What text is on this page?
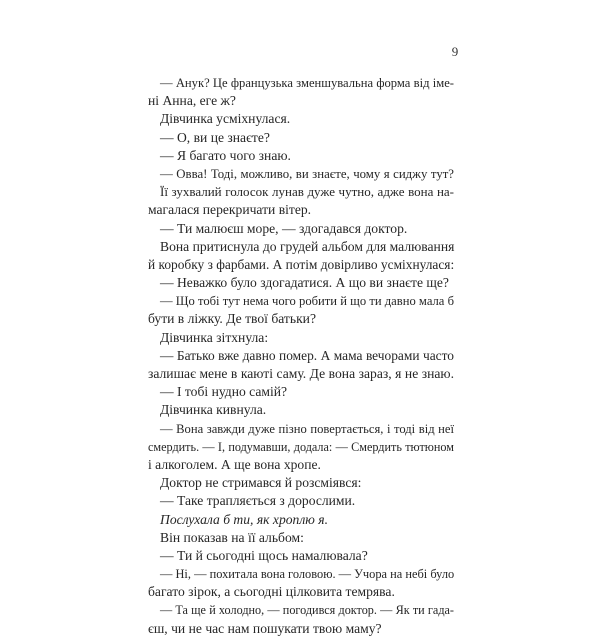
9
— Анук? Це французька зменшувальна форма від іме-
ні Анна, еге ж?
Дівчинка усміхнулася.
— О, ви це знаєте?
— Я багато чого знаю.
— Овва! Тоді, можливо, ви знаєте, чому я сиджу тут?
Її зухвалий голосок лунав дуже чутно, адже вона на-
магалася перекричати вітер.
— Ти малюєш море, — здогадався доктор.
Вона притиснула до грудей альбом для малювання
й коробку з фарбами. А потім довірливо усміхнулася:
— Неважко було здогадатися. А що ви знаєте ще?
— Що тобі тут нема чого робити й що ти давно мала б
бути в ліжку. Де твої батьки?
Дівчинка зітхнула:
— Батько вже давно помер. А мама вечорами часто
залишає мене в каюті саму. Де вона зараз, я не знаю.
— І тобі нудно самій?
Дівчинка кивнула.
— Вона завжди дуже пізно повертається, і тоді від неї
смердить. — І, подумавши, додала: — Смердить тютюном
і алкоголем. А ще вона хропе.
Доктор не стримався й розсміявся:
— Таке трапляється з дорослими.
Послухала б ти, як хроплю я.
Він показав на її альбом:
— Ти й сьогодні щось намалювала?
— Ні, — похитала вона головою. — Учора на небі було
багато зірок, а сьогодні цілковита темрява.
— Та ще й холодно, — погодився доктор. — Як ти гада-
єш, чи не час нам пошукати твою маму?
